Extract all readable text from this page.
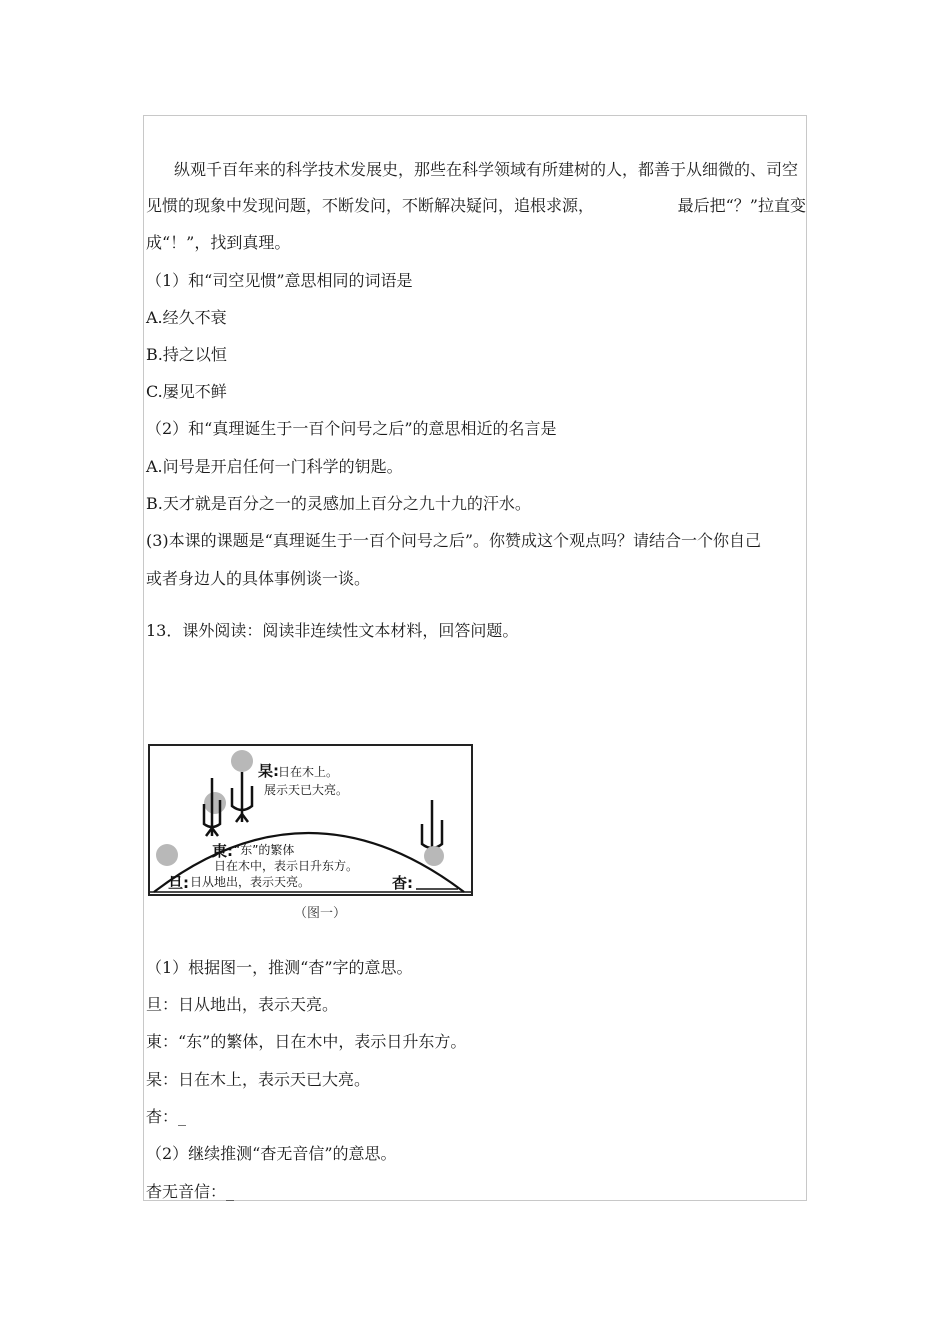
纵观千百年来的科学技术发展史，那些在科学领域有所建树的人，都善于从细微的、司空
见惯的现象中发现问题，不断发问，不断解决疑问，追根求源，	最后把“？”拉直变
成“！”，找到真理。
（1）和“司空见惯”意思相同的词语是
A.经久不衰
B.持之以恒
C.屡见不鲜
（2）和“真理诞生于一百个问号之后”的意思相近的名言是
A.问号是开启任何一门科学的钥匙。
B.天才就是百分之一的灵感加上百分之九十九的汗水。
(3)本课的课题是“真理诞生于一百个问号之后”。你赞成这个观点吗？请结合一个你自己
或者身边人的具体事例谈一谈。
13．课外阅读：阅读非连续性文本材料，回答问题。
杲: 日在木上。
展示天已大亮。
東: “东”的繁体
日在木中，表示日升东方。
旦: 日从地出，表示天亮。	杳:
（图一）
（1）根据图一，推测“杳”字的意思。
旦：日从地出，表示天亮。
東：“东”的繁体，日在木中，表示日升东方。
杲：日在木上，表示天已大亮。
杳：_
（2）继续推测“杳无音信”的意思。
杳无音信：_
